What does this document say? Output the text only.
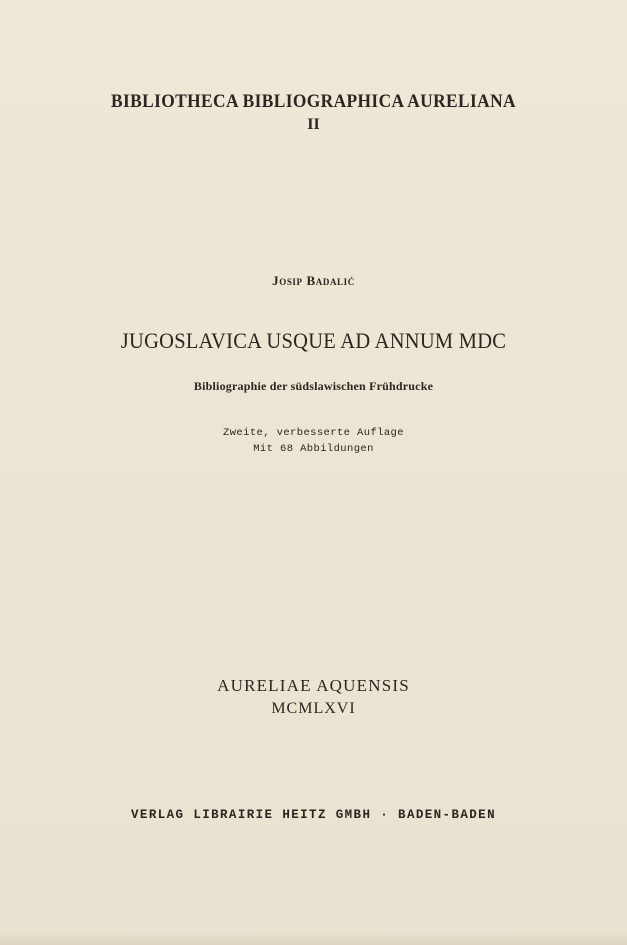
BIBLIOTHECA BIBLIOGRAPHICA AURELIANA
II
Josip Badalić
JUGOSLAVICA USQUE AD ANNUM MDC
Bibliographie der südslawischen Frühdrucke
Zweite, verbesserte Auflage
Mit 68 Abbildungen
AURELIAE AQUENSIS
MCMLXVI
VERLAG LIBRAIRIE HEITZ GMBH · BADEN-BADEN
